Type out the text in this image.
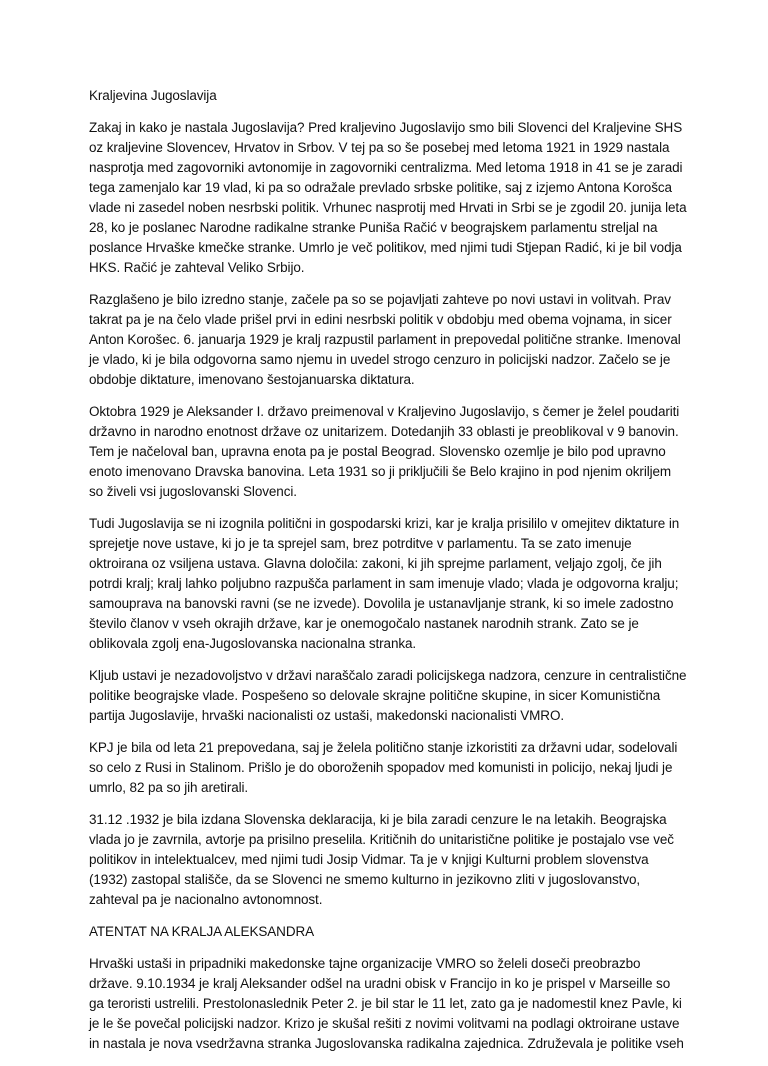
Kraljevina Jugoslavija

Zakaj in kako je nastala Jugoslavija? Pred kraljevino Jugoslavijo smo bili Slovenci del Kraljevine SHS oz kraljevine Slovencev, Hrvatov in Srbov. V tej pa so še posebej med letoma 1921 in 1929 nastala nasprotja med zagovorniki avtonomije in zagovorniki centralizma. Med letoma 1918 in 41 se je zaradi tega zamenjalo kar 19 vlad, ki pa so odražale prevlado srbske politike, saj z izjemo Antona Korošca vlade ni zasedel noben nesrbski politik. Vrhunec nasprotij med Hrvati in Srbi se je zgodil 20. junija leta 28, ko je poslanec Narodne radikalne stranke Puniša Račić v beograjskem parlamentu streljal na poslance Hrvaške kmečke stranke. Umrlo je več politikov, med njimi tudi Stjepan Radić, ki je bil vodja HKS. Račić je zahteval Veliko Srbijo.

Razglašeno je bilo izredno stanje, začele pa so se pojavljati zahteve po novi ustavi in volitvah. Prav takrat pa je na čelo vlade prišel prvi in edini nesrbski politik v obdobju med obema vojnama, in sicer Anton Korošec. 6. januarja 1929 je kralj razpustil parlament in prepovedal politične stranke. Imenoval je vlado, ki je bila odgovorna samo njemu in uvedel strogo cenzuro in policijski nadzor. Začelo se je obdobje diktature, imenovano šestojanuarska diktatura.

Oktobra 1929 je Aleksander I. državo preimenoval v Kraljevino Jugoslavijo, s čemer je želel poudariti državno in narodno enotnost države oz unitarizem. Dotedanjih 33 oblasti je preoblikoval v 9 banovin. Tem je načeloval ban, upravna enota pa je postal Beograd. Slovensko ozemlje je bilo pod upravno enoto imenovano Dravska banovina. Leta 1931 so ji priključili še Belo krajino in pod njenim okriljem so živeli vsi jugoslovanski Slovenci.

Tudi Jugoslavija se ni izognila politični in gospodarski krizi, kar je kralja prisililo v omejitev diktature in sprejetje nove ustave, ki jo je ta sprejel sam, brez potrditve v parlamentu. Ta se zato imenuje oktroirana oz vsiljena ustava. Glavna določila: zakoni, ki jih sprejme parlament, veljajo zgolj, če jih potrdi kralj; kralj lahko poljubno razpušča parlament in sam imenuje vlado; vlada je odgovorna kralju; samouprava na banovski ravni (se ne izvede). Dovolila je ustanavljanje strank, ki so imele zadostno število članov v vseh okrajih države, kar je onemogočalo nastanek narodnih strank. Zato se je oblikovala zgolj ena-Jugoslovanska nacionalna stranka.

Kljub ustavi je nezadovoljstvo v državi naraščalo zaradi policijskega nadzora, cenzure in centralistične politike beograjske vlade. Pospešeno so delovale skrajne politične skupine, in sicer Komunistična partija Jugoslavije, hrvaški nacionalisti oz ustaši, makedonski nacionalisti VMRO.

KPJ je bila od leta 21 prepovedana, saj je želela politično stanje izkoristiti za državni udar, sodelovali so celo z Rusi in Stalinom. Prišlo je do oboroženih spopadov med komunisti in policijo, nekaj ljudi je umrlo, 82 pa so jih aretirali.

31.12 .1932 je bila izdana Slovenska deklaracija, ki je bila zaradi cenzure le na letakih. Beograjska vlada jo je zavrnila, avtorje pa prisilno preselila. Kritičnih do unitaristične politike je postajalo vse več politikov in intelektualcev, med njimi tudi Josip Vidmar. Ta je v knjigi Kulturni problem slovenstva (1932) zastopal stališče, da se Slovenci ne smemo kulturno in jezikovno zliti v jugoslovanstvo, zahteval pa je nacionalno avtonomnost.

ATENTAT NA KRALJA ALEKSANDRA

Hrvaški ustaši in pripadniki makedonske tajne organizacije VMRO so želeli doseči preobrazbo države. 9.10.1934 je kralj Aleksander odšel na uradni obisk v Francijo in ko je prispel v Marseille so ga teroristi ustrelili. Prestolonaslednik Peter 2. je bil star le 11 let, zato ga je nadomestil knez Pavle, ki je le še povečal policijski nadzor. Krizo je skušal rešiti z novimi volitvami na podlagi oktroirane ustave in nastala je nova vsedržavna stranka Jugoslovanska radikalna zajednica. Združevala je politike vseh
